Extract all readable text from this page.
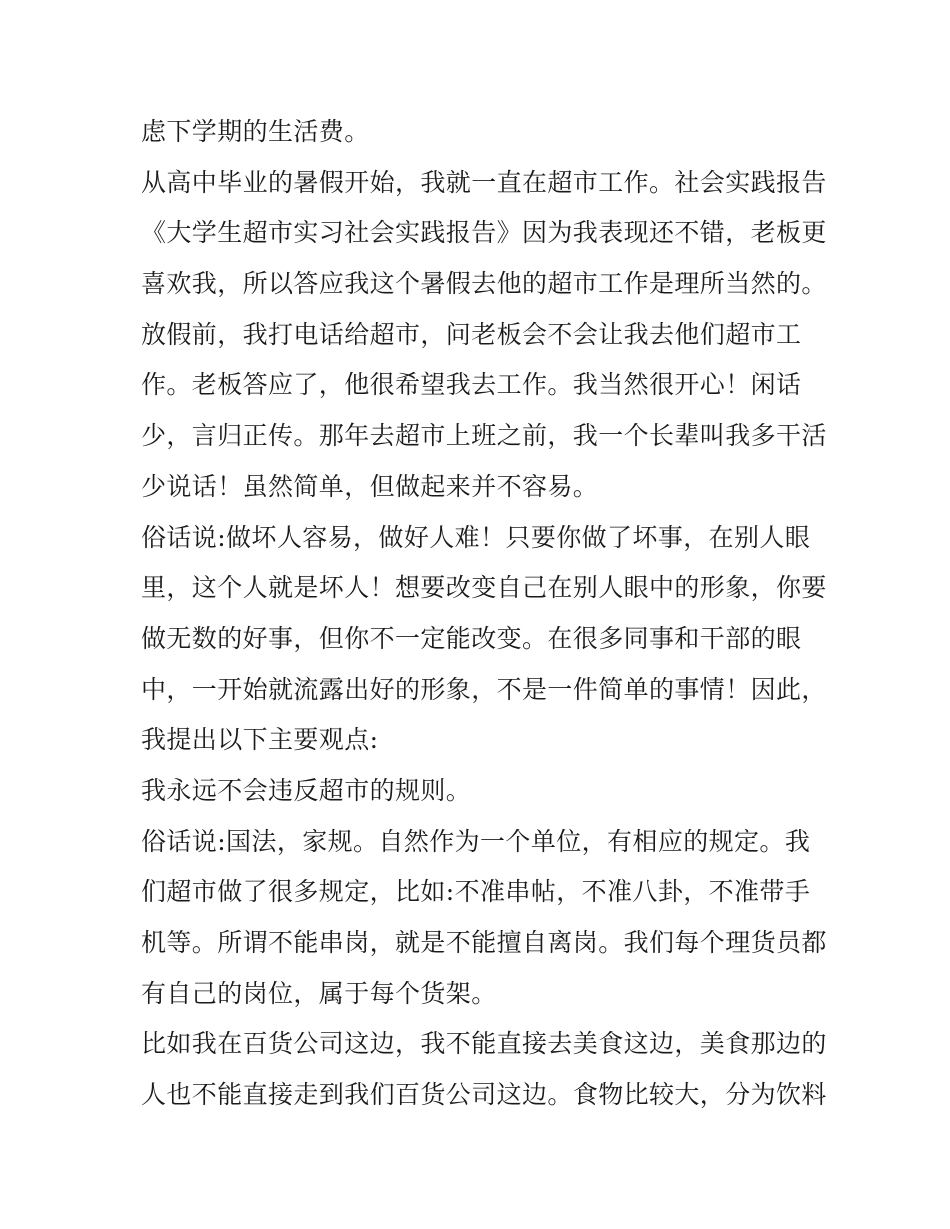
虑下学期的生活费。
从高中毕业的暑假开始，我就一直在超市工作。社会实践报告
《大学生超市实习社会实践报告》因为我表现还不错，老板更
喜欢我，所以答应我这个暑假去他的超市工作是理所当然的。
放假前，我打电话给超市，问老板会不会让我去他们超市工
作。老板答应了，他很希望我去工作。我当然很开心！闲话
少，言归正传。那年去超市上班之前，我一个长辈叫我多干活
少说话！虽然简单，但做起来并不容易。
俗话说:做坏人容易，做好人难！只要你做了坏事，在别人眼
里，这个人就是坏人！想要改变自己在别人眼中的形象，你要
做无数的好事，但你不一定能改变。在很多同事和干部的眼
中，一开始就流露出好的形象，不是一件简单的事情！因此，
我提出以下主要观点:
我永远不会违反超市的规则。
俗话说:国法，家规。自然作为一个单位，有相应的规定。我
们超市做了很多规定，比如:不准串帖，不准八卦，不准带手
机等。所谓不能串岗，就是不能擅自离岗。我们每个理货员都
有自己的岗位，属于每个货架。
比如我在百货公司这边，我不能直接去美食这边，美食那边的
人也不能直接走到我们百货公司这边。食物比较大，分为饮料
